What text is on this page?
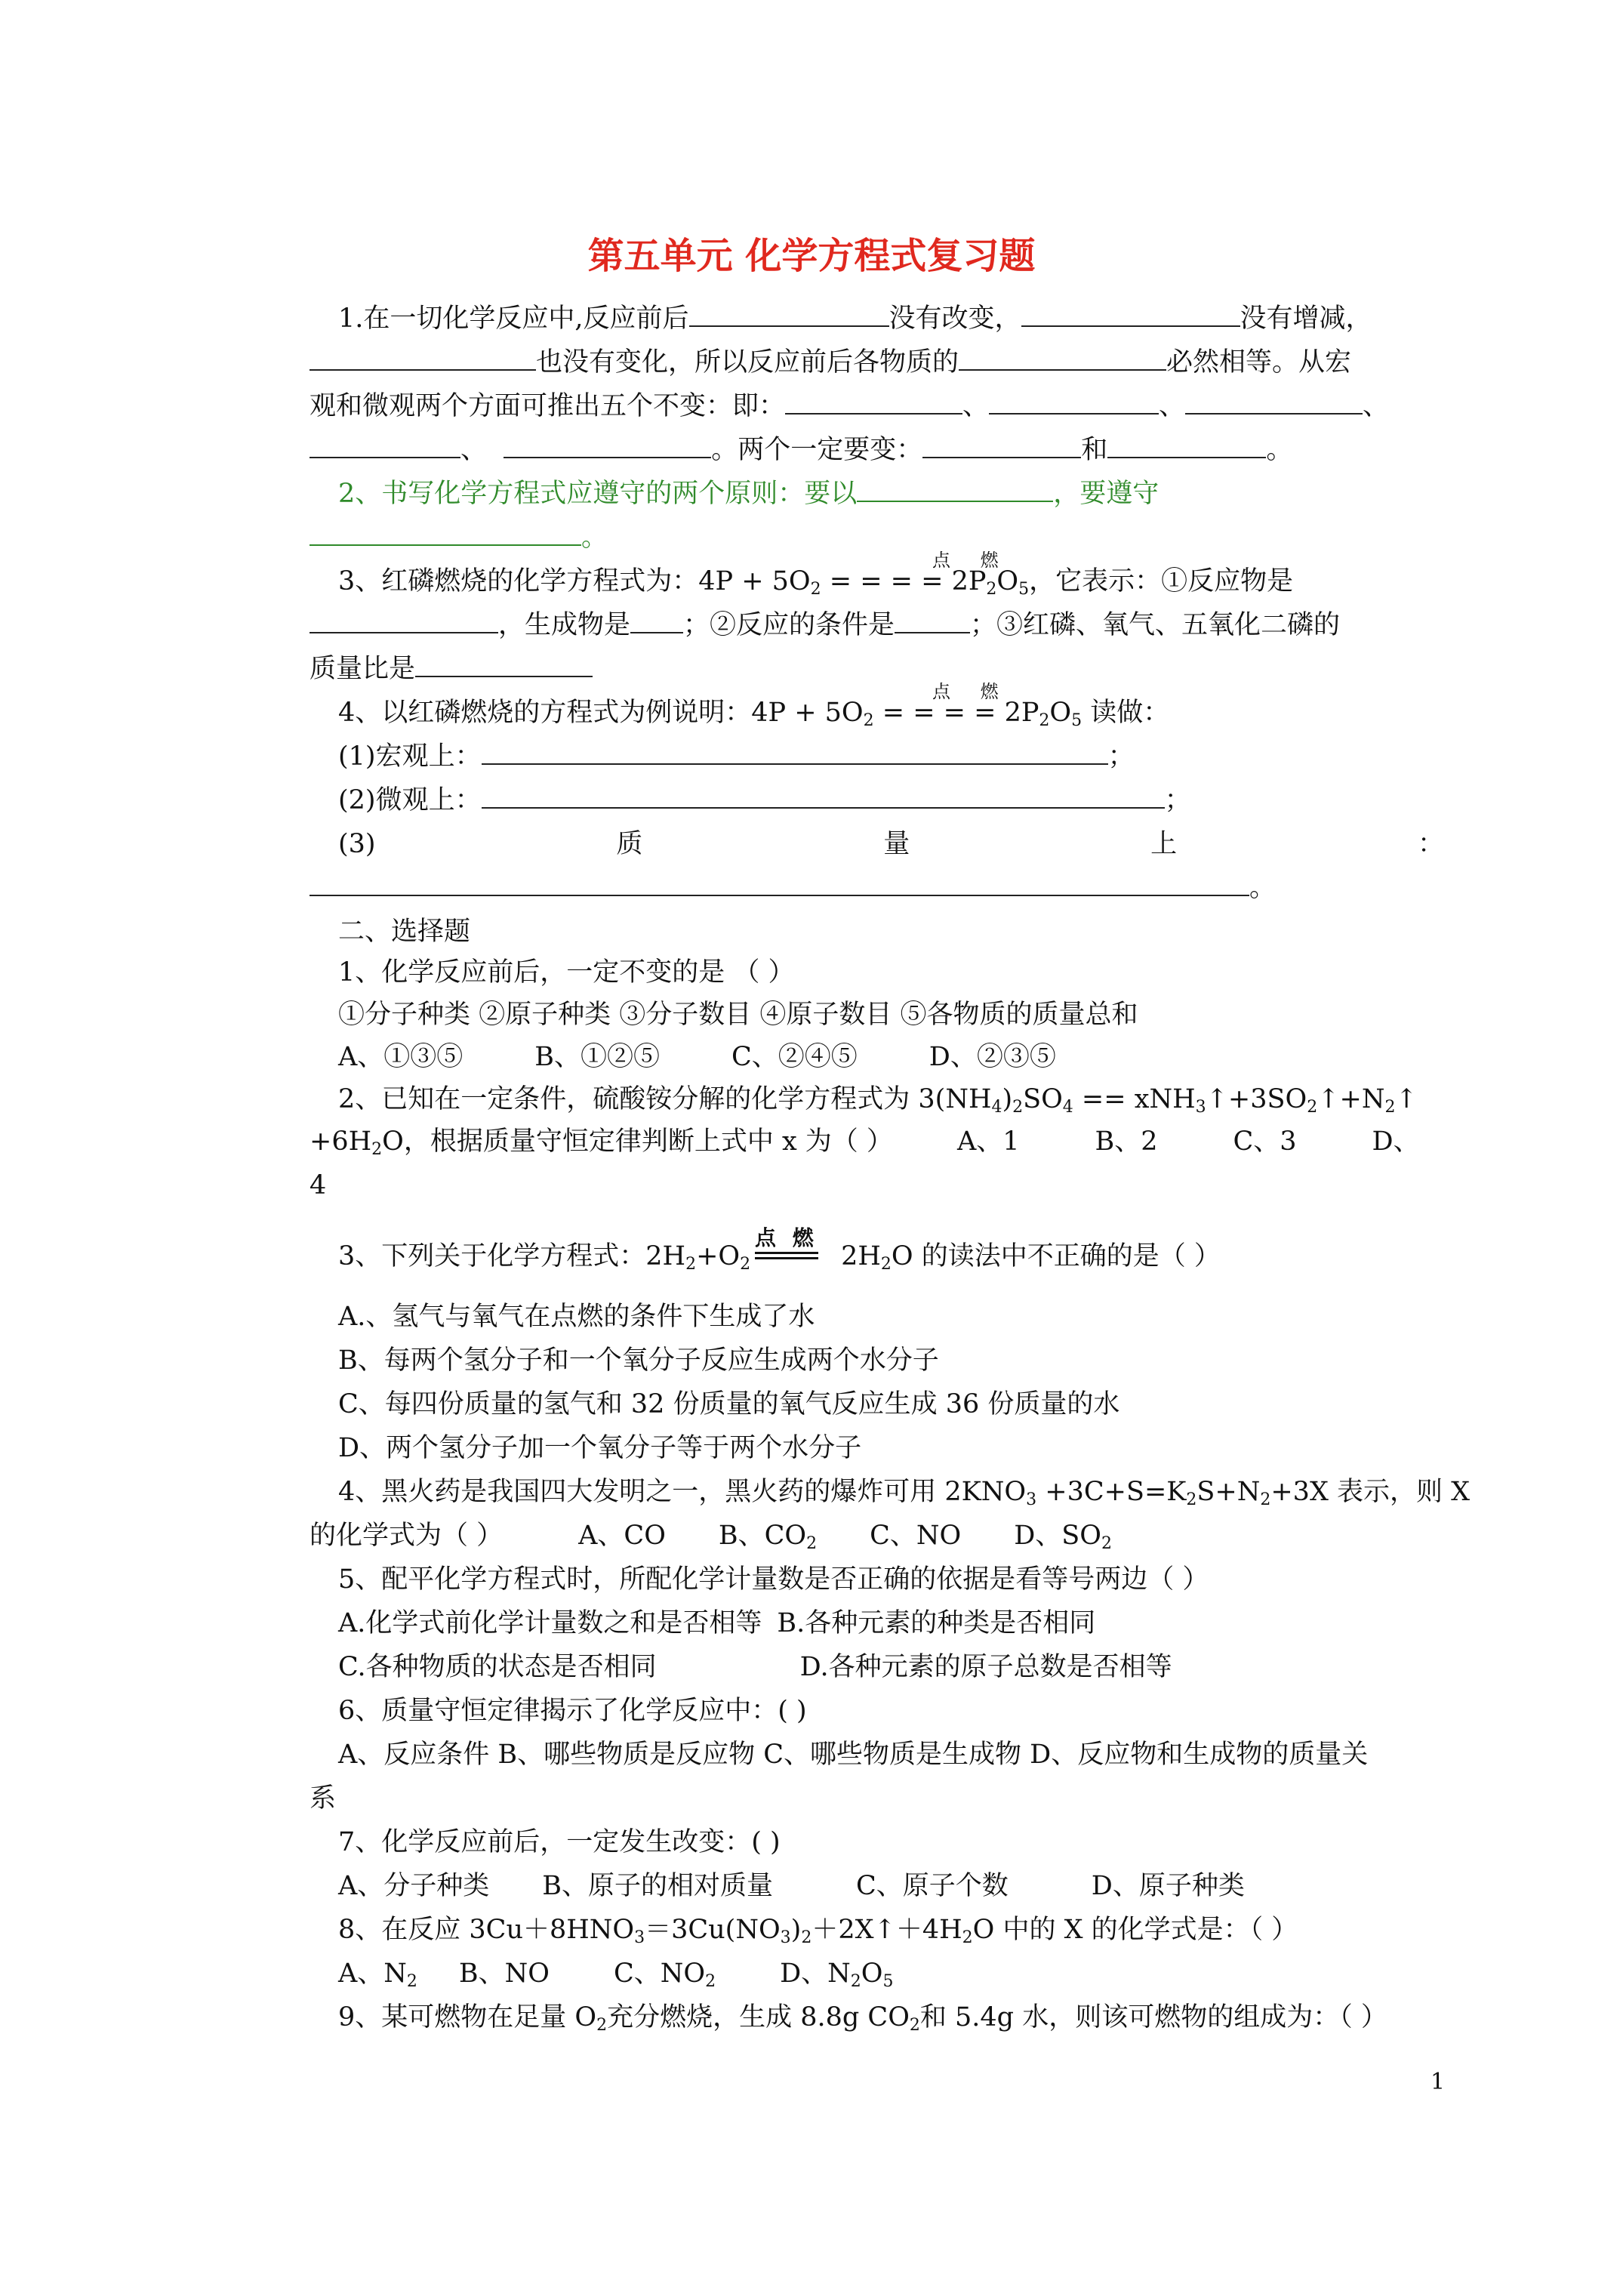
第五单元 化学方程式复习题
1.在一切化学反应中,反应前后	没有改变，	没有增减，
也没有变化，所以反应前后各物质的	必然相等。从宏
观和微观两个方面可推出五个不变：即：	、	、	、
、	。两个一定要变：	和	。
2、书写化学方程式应遵守的两个原则：要以	，要遵守
。
点 燃
3、红磷燃烧的化学方程式为：$4P + 5O_2$ = = = = $2P_2O_5$，它表示：①反应物是
，生成物是 ；②反应的条件是	；③红磷、氧气、五氧化二磷的
质量比是
点 燃
4、以红磷燃烧的方程式为例说明：$4P + 5O_2$ = = = = $2P_2O_5$ 读做：
(1)宏观上：	；
(2)微观上：	；
(3)	质	量	上	：
。
二、选择题
1、化学反应前后，一定不变的是 （ ）
①分子种类 ②原子种类 ③分子数目 ④原子数目 ⑤各物质的质量总和
A、①③⑤	B、①②⑤	C、②④⑤	D、②③⑤
2、已知在一定条件，硫酸铵分解的化学方程式为 $3(NH_4)_2SO_4$ == $xNH_3↑+3SO_2↑+N_2↑$
$+6H_2O$，根据质量守恒定律判断上式中 x 为（ ） A、1	B、2	C、3	D、
4
点 燃
3、下列关于化学方程式：$2H_2+O_2$	$2H_2O$ 的读法中不正确的是（ ）
A.、氢气与氧气在点燃的条件下生成了水
B、每两个氢分子和一个氧分子反应生成两个水分子
C、每四份质量的氢气和 32 份质量的氧气反应生成 36 份质量的水
D、两个氢分子加一个氧分子等于两个水分子
4、黑火药是我国四大发明之一，黑火药的爆炸可用 $2KNO_3 +3C+S=K_2S+N_2+3X$ 表示，则 X
的化学式为（ ）	A、CO B、$CO_2$ C、NO D、$SO_2$
5、配平化学方程式时，所配化学计量数是否正确的依据是看等号两边（ ）
A.化学式前化学计量数之和是否相等 B.各种元素的种类是否相同
C.各种物质的状态是否相同	D.各种元素的原子总数是否相等
6、质量守恒定律揭示了化学反应中：( )
A、反应条件 B、哪些物质是反应物 C、哪些物质是生成物 D、反应物和生成物的质量关
系
7、化学反应前后，一定发生改变：( )
A、分子种类 B、原子的相对质量	C、原子个数	D、原子种类
8、在反应 $3Cu+8HNO_3=3Cu(NO_3)_2+2X↑+4H_2O$ 中的 X 的化学式是：（ ）
A、$N_2$ B、NO C、$NO_2$ D、$N_2O_5$
9、某可燃物在足量 $O_2$充分燃烧，生成 8.8g $CO_2$和 5.4g 水，则该可燃物的组成为：（ ）
1
